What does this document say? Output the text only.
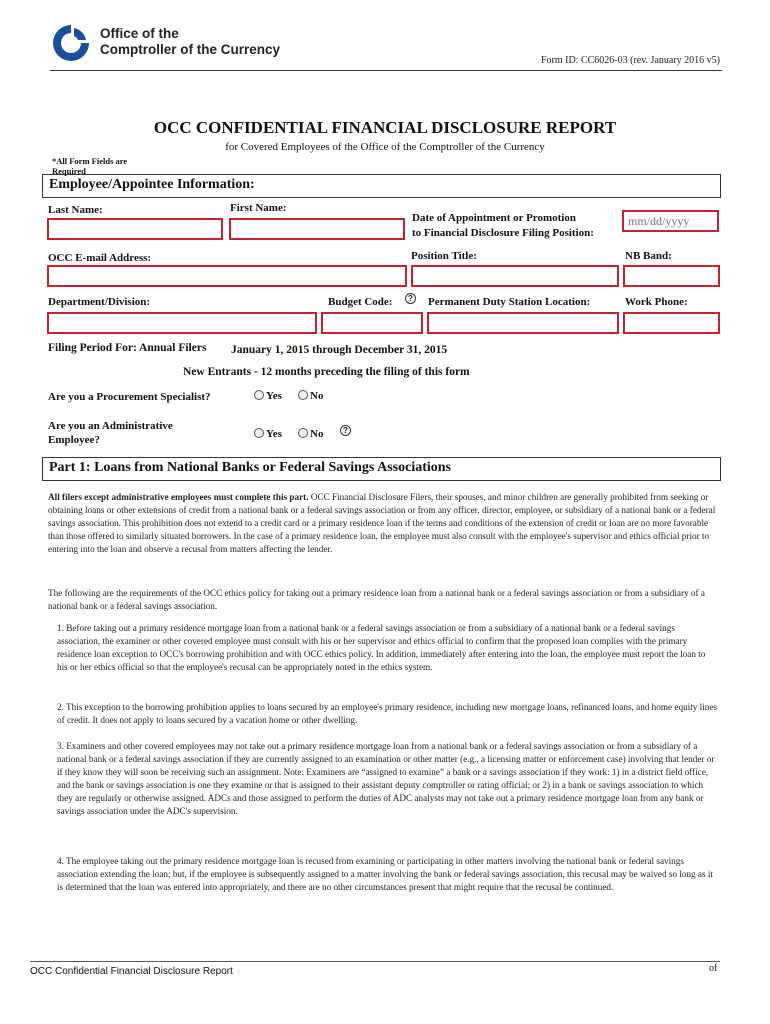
Office of the
Comptroller of the Currency
Form ID: CC6026-03 (rev. January 2016 v5)
OCC CONFIDENTIAL FINANCIAL DISCLOSURE REPORT
for Covered Employees of the Office of the Comptroller of the Currency
*All Form Fields are Required
Employee/Appointee Information:
Last Name:	First Name:
Date of Appointment or Promotion
to Financial Disclosure Filing Position:
mm/dd/yyyy
OCC E-mail Address:	Position Title:	NB Band:
Department/Division:	Budget Code:	? Permanent Duty Station Location:	Work Phone:
Filing Period For: Annual Filers January 1, 2015 through December 31, 2015
New Entrants - 12 months preceding the filing of this form
Are you a Procurement Specialist?	Yes	No
Are you an Administrative
Employee?	Yes	No	?
Part 1: Loans from National Banks or Federal Savings Associations
All filers except administrative employees must complete this part. OCC Financial Disclosure Filers, their spouses, and minor children are generally prohibited from seeking or obtaining loans or other extensions of credit from a national bank or a federal savings association or from any officer, director, employee, or subsidiary of a national bank or a federal savings association. This prohibition does not extend to a credit card or a primary residence loan if the terms and conditions of the extension of credit or loan are no more favorable than those offered to similarly situated borrowers. In the case of a primary residence loan, the employee must also consult with the employee's supervisor and ethics official prior to entering into the loan and observe a recusal from matters affecting the lender.
The following are the requirements of the OCC ethics policy for taking out a primary residence loan from a national bank or a federal savings association or from a subsidiary of a national bank or a federal savings association.
1. Before taking out a primary residence mortgage loan from a national bank or a federal savings association or from a subsidiary of a national bank or a federal savings association, the examiner or other covered employee must consult with his or her supervisor and ethics official to confirm that the proposed loan complies with the primary residence loan exception to OCC's borrowing prohibition and with OCC ethics policy. In addition, immediately after entering into the loan, the employee must report the loan to his or her ethics official so that the employee's recusal can be appropriately noted in the ethics system.
2. This exception to the borrowing prohibition applies to loans secured by an employee's primary residence, including new mortgage loans, refinanced loans, and home equity lines of credit. It does not apply to loans secured by a vacation home or other dwelling.
3. Examiners and other covered employees may not take out a primary residence mortgage loan from a national bank or a federal savings association or from a subsidiary of a national bank or a federal savings association if they are currently assigned to an examination or other matter (e.g., a licensing matter or enforcement case) involving that lender or if they know they will soon be receiving such an assignment. Note: Examiners are “assigned to examine” a bank or a savings association if they work: 1) in a district field office, and the bank or savings association is one they examine or that is assigned to their assistant deputy comptroller or rating official; or 2) in a bank or savings association to which they are regularly or otherwise assigned. ADCs and those assigned to perform the duties of ADC analysts may not take out a primary residence mortgage loan from any bank or savings association under the ADC's supervision.
4. The employee taking out the primary residence mortgage loan is recused from examining or participating in other matters involving the national bank or federal savings association extending the loan; but, if the employee is subsequently assigned to a matter involving the bank or federal savings association, this recusal may be waived so long as it is determined that the loan was entered into appropriately, and there are no other circumstances present that might require that the recusal be continued.
OCC Confidential Financial Disclosure Report	of
